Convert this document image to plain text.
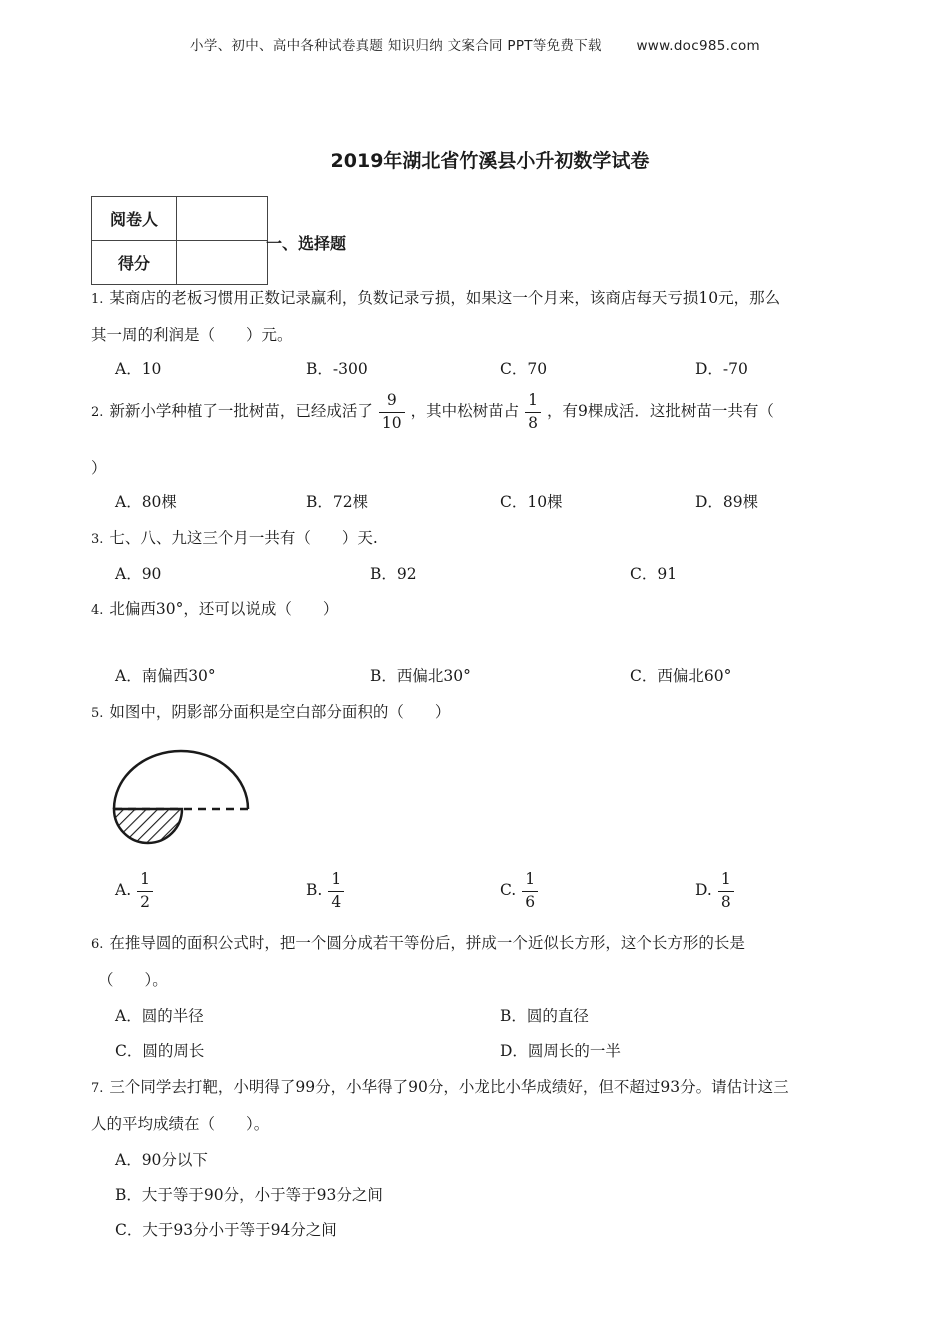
小学、初中、高中各种试卷真题 知识归纳 文案合同 PPT等免费下载	www.doc985.com
2019年湖北省竹溪县小升初数学试卷
阅卷人	
得分	
一、选择题
1. 某商店的老板习惯用正数记录赢利，负数记录亏损，如果这一个月来，该商店每天亏损10元，那么
其一周的利润是（　　）元。
A．10	B．-300	C．70	D．-70
2. 新新小学种植了一批树苗，已经成活了 $\frac{9}{10}$ ，其中松树苗占 $\frac{1}{8}$ ，有9棵成活．这批树苗一共有（
）
A．80棵	B．72棵	C．10棵	D．89棵
3. 七、八、九这三个月一共有（　　）天.
A．90	B．92	C．91
4. 北偏西30°，还可以说成（　　）
A．南偏西30°	B．西偏北30°	C．西偏北60°
5. 如图中，阴影部分面积是空白部分面积的（　　）
A. $\frac{1}{2}$	B. $\frac{1}{4}$	C. $\frac{1}{6}$	D. $\frac{1}{8}$
6. 在推导圆的面积公式时，把一个圆分成若干等份后，拼成一个近似长方形，这个长方形的长是
（　　）。
A．圆的半径	B．圆的直径
C．圆的周长	D．圆周长的一半
7. 三个同学去打靶，小明得了99分，小华得了90分，小龙比小华成绩好，但不超过93分。请估计这三
人的平均成绩在（　　）。
A．90分以下
B．大于等于90分，小于等于93分之间
C．大于93分小于等于94分之间
